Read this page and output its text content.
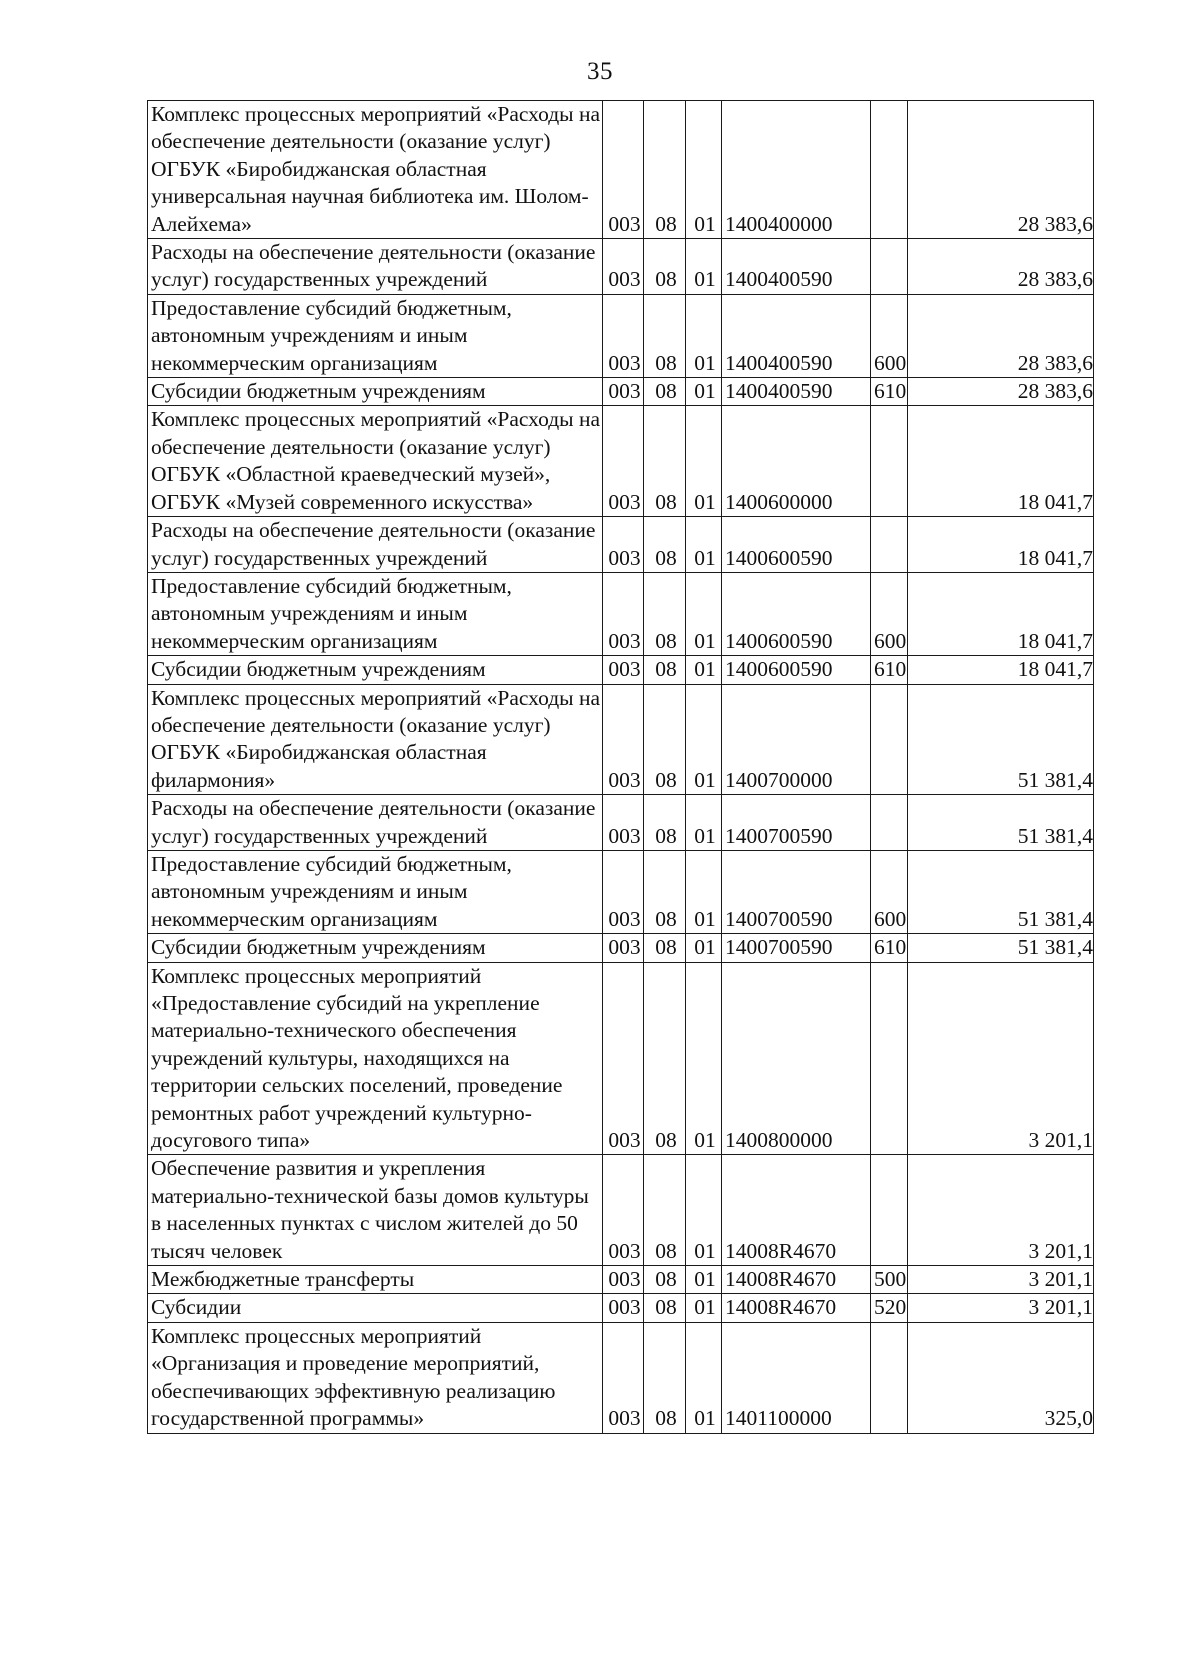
35
Комплекс процессных мероприятий «Расходы на обеспечение деятельности (оказание услуг) ОГБУК «Биробиджанская областная универсальная научная библиотека им. Шолом-Алейхема»	003	08	01	1400400000		28 383,6
Расходы на обеспечение деятельности (оказание услуг) государственных учреждений	003	08	01	1400400590		28 383,6
Предоставление субсидий бюджетным, автономным учреждениям и иным некоммерческим организациям	003	08	01	1400400590	600	28 383,6
Субсидии бюджетным учреждениям	003	08	01	1400400590	610	28 383,6
Комплекс процессных мероприятий «Расходы на обеспечение деятельности (оказание услуг) ОГБУК «Областной краеведческий музей», ОГБУК «Музей современного искусства»	003	08	01	1400600000		18 041,7
Расходы на обеспечение деятельности (оказание услуг) государственных учреждений	003	08	01	1400600590		18 041,7
Предоставление субсидий бюджетным, автономным учреждениям и иным некоммерческим организациям	003	08	01	1400600590	600	18 041,7
Субсидии бюджетным учреждениям	003	08	01	1400600590	610	18 041,7
Комплекс процессных мероприятий «Расходы на обеспечение деятельности (оказание услуг) ОГБУК «Биробиджанская областная филармония»	003	08	01	1400700000		51 381,4
Расходы на обеспечение деятельности (оказание услуг) государственных учреждений	003	08	01	1400700590		51 381,4
Предоставление субсидий бюджетным, автономным учреждениям и иным некоммерческим организациям	003	08	01	1400700590	600	51 381,4
Субсидии бюджетным учреждениям	003	08	01	1400700590	610	51 381,4
Комплекс процессных мероприятий «Предоставление субсидий на укрепление материально-технического обеспечения учреждений культуры, находящихся на территории сельских поселений, проведение ремонтных работ учреждений культурно-досугового типа»	003	08	01	1400800000		3 201,1
Обеспечение развития и укрепления материально-технической базы домов культуры в населенных пунктах с числом жителей до 50 тысяч человек	003	08	01	14008R4670		3 201,1
Межбюджетные трансферты	003	08	01	14008R4670	500	3 201,1
Субсидии	003	08	01	14008R4670	520	3 201,1
Комплекс процессных мероприятий «Организация и проведение мероприятий, обеспечивающих эффективную реализацию государственной программы»	003	08	01	1401100000		325,0
